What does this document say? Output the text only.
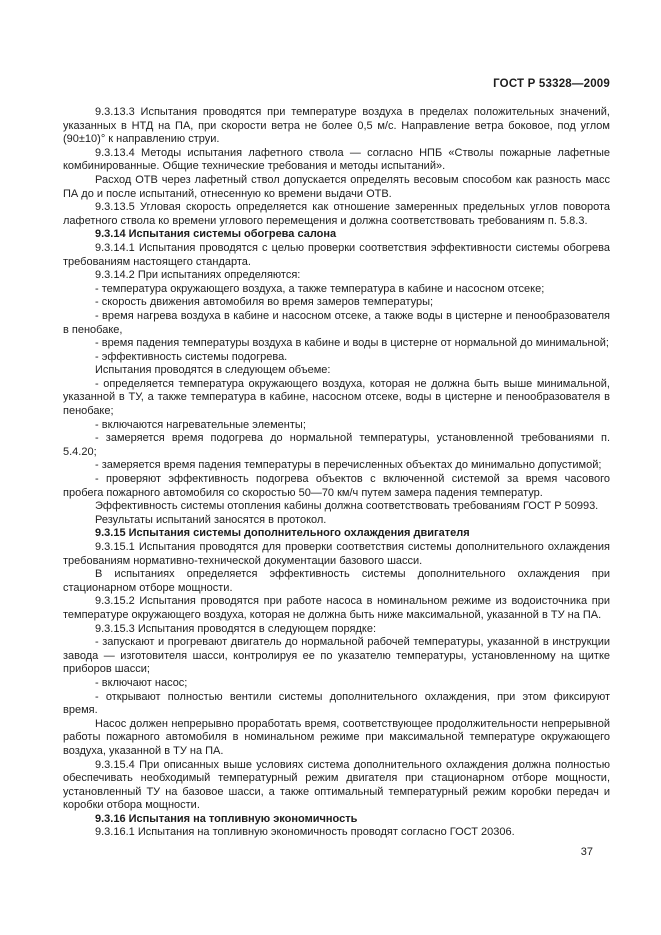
ГОСТ Р 53328—2009

9.3.13.3 Испытания проводятся при температуре воздуха в пределах положительных значений, указанных в НТД на ПА, при скорости ветра не более 0,5 м/с. Направление ветра боковое, под углом (90±10)° к направлению струи.

9.3.13.4 Методы испытания лафетного ствола — согласно НПБ «Стволы пожарные лафетные комбинированные. Общие технические требования и методы испытаний».

Расход ОТВ через лафетный ствол допускается определять весовым способом как разность масс ПА до и после испытаний, отнесенную ко времени выдачи ОТВ.

9.3.13.5 Угловая скорость определяется как отношение замеренных предельных углов поворота лафетного ствола ко времени углового перемещения и должна соответствовать требованиям п. 5.8.3.

9.3.14 Испытания системы обогрева салона

9.3.14.1 Испытания проводятся с целью проверки соответствия эффективности системы обогрева требованиям настоящего стандарта.

9.3.14.2 При испытаниях определяются:

- температура окружающего воздуха, а также температура в кабине и насосном отсеке;

- скорость движения автомобиля во время замеров температуры;

- время нагрева воздуха в кабине и насосном отсеке, а также воды в цистерне и пенообразователя в пенобаке,

- время падения температуры воздуха в кабине и воды в цистерне от нормальной до минимальной;

- эффективность системы подогрева.

Испытания проводятся в следующем объеме:

- определяется температура окружающего воздуха, которая не должна быть выше минимальной, указанной в ТУ, а также температура в кабине, насосном отсеке, воды в цистерне и пенообразователя в пенобаке;

- включаются нагревательные элементы;

- замеряется время подогрева до нормальной температуры, установленной требованиями п. 5.4.20;

- замеряется время падения температуры в перечисленных объектах до минимально допустимой;

- проверяют эффективность подогрева объектов с включенной системой за время часового пробега пожарного автомобиля со скоростью 50—70 км/ч путем замера падения температур.

Эффективность системы отопления кабины должна соответствовать требованиям ГОСТ Р 50993.

Результаты испытаний заносятся в протокол.

9.3.15 Испытания системы дополнительного охлаждения двигателя

9.3.15.1 Испытания проводятся для проверки соответствия системы дополнительного охлаждения требованиям нормативно-технической документации базового шасси.

В испытаниях определяется эффективность системы дополнительного охлаждения при стационарном отборе мощности.

9.3.15.2 Испытания проводятся при работе насоса в номинальном режиме из водоисточника при температуре окружающего воздуха, которая не должна быть ниже максимальной, указанной в ТУ на ПА.

9.3.15.3 Испытания проводятся в следующем порядке:

- запускают и прогревают двигатель до нормальной рабочей температуры, указанной в инструкции завода — изготовителя шасси, контролируя ее по указателю температуры, установленному на щитке приборов шасси;

- включают насос;

- открывают полностью вентили системы дополнительного охлаждения, при этом фиксируют время.

Насос должен непрерывно проработать время, соответствующее продолжительности непрерывной работы пожарного автомобиля в номинальном режиме при максимальной температуре окружающего воздуха, указанной в ТУ на ПА.

9.3.15.4 При описанных выше условиях система дополнительного охлаждения должна полностью обеспечивать необходимый температурный режим двигателя при стационарном отборе мощности, установленный ТУ на базовое шасси, а также оптимальный температурный режим коробки передач и коробки отбора мощности.

9.3.16 Испытания на топливную экономичность

9.3.16.1 Испытания на топливную экономичность проводят согласно ГОСТ 20306.

37
